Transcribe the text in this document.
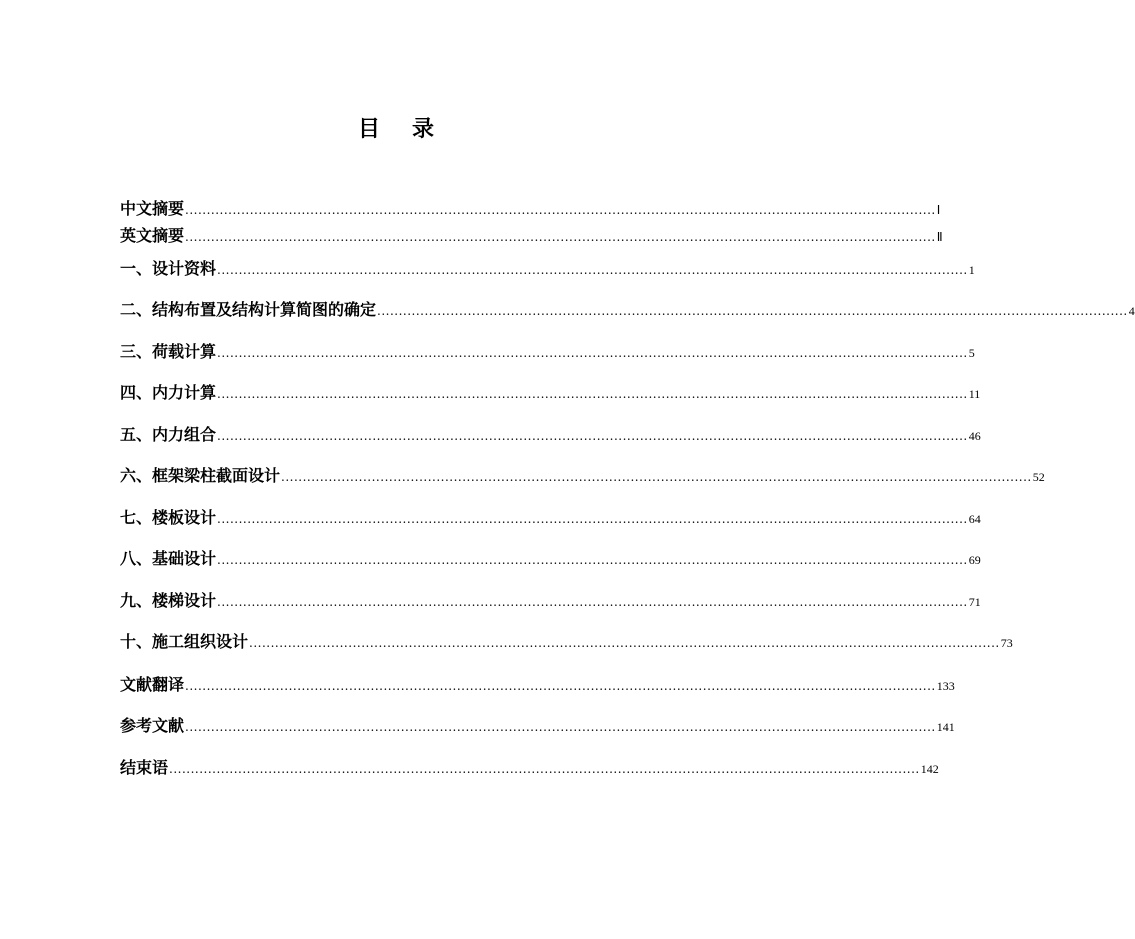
目 录
中文摘要 .............................................................................................................................................................................. Ⅰ
英文摘要 .............................................................................................................................................................................. Ⅱ
一、设计资料 .............................................................................................................................................................................. 1
二、结构布置及结构计算简图的确定 .............................................................................................................................................................................. 4
三、荷载计算 .............................................................................................................................................................................. 5
四、内力计算 .............................................................................................................................................................................. 11
五、内力组合 .............................................................................................................................................................................. 46
六、框架梁柱截面设计 .............................................................................................................................................................................. 52
七、楼板设计 .............................................................................................................................................................................. 64
八、基础设计 .............................................................................................................................................................................. 69
九、楼梯设计 .............................................................................................................................................................................. 71
十、施工组织设计 .............................................................................................................................................................................. 73
文献翻译 .............................................................................................................................................................................. 133
参考文献 .............................................................................................................................................................................. 141
结束语 .............................................................................................................................................................................. 142
